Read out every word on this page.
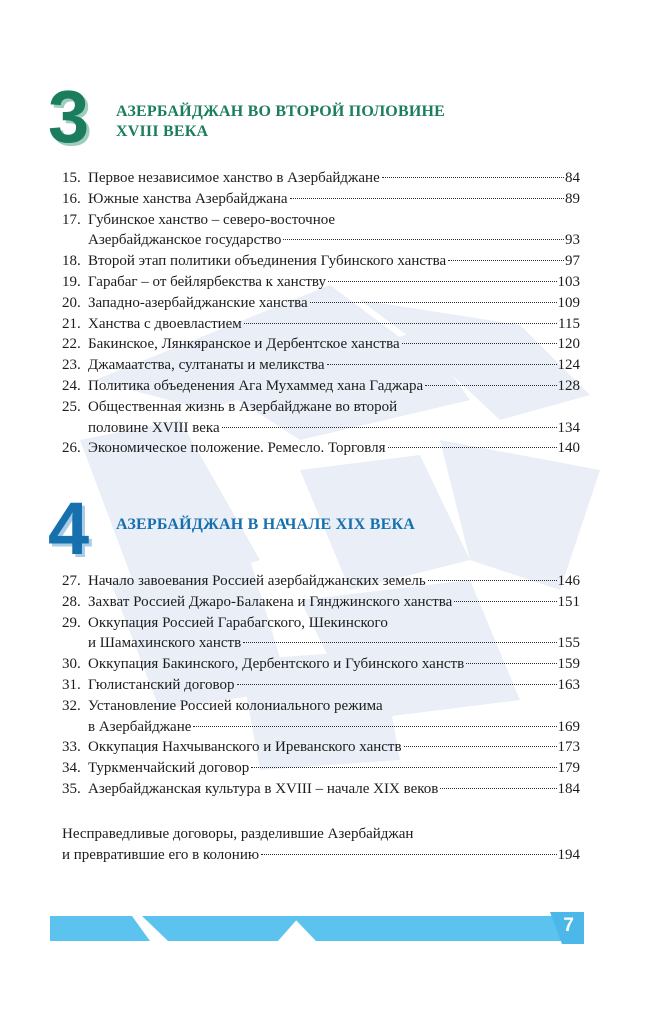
3 АЗЕРБАЙДЖАН ВО ВТОРОЙ ПОЛОВИНЕ
XVIII ВЕКА
15. Первое независимое ханство в Азербайджане	84
16. Южные ханства Азербайджана	89
17. Губинское ханство – северо-восточное
Азербайджанское государство	93
18. Второй этап политики объединения Губинского ханства	97
19. Гарабаг – от бейлярбекства к ханству	103
20. Западно-азербайджанские ханства	109
21. Ханства с двоевластием	115
22. Бакинское, Лянкяранское и Дербентское ханства	120
23. Джамаатства, султанаты и меликства	124
24. Политика объеденения Ага Мухаммед хана Гаджара	128
25. Общественная жизнь в Азербайджане во второй
половине XVIII века	134
26. Экономическое положение. Ремесло. Торговля	140
4 АЗЕРБАЙДЖАН В НАЧАЛЕ XIX ВЕКА
27. Начало завоевания Россией азербайджанских земель	146
28. Захват Россией Джаро-Балакена и Гянджинского ханства	151
29. Оккупация Россией Гарабагского, Шекинского
и Шамахинского ханств	155
30. Оккупация Бакинского, Дербентского и Губинского ханств	159
31. Гюлистанский договор	163
32. Установление Россией колониального режима
в Азербайджане	169
33. Оккупация Нахчыванского и Иреванского ханств	173
34. Туркменчайский договор	179
35. Азербайджанская культура в XVIII – начале XIX веков	184
Несправедливые договоры, разделившие Азербайджан
и превратившие его в колонию	194
7
